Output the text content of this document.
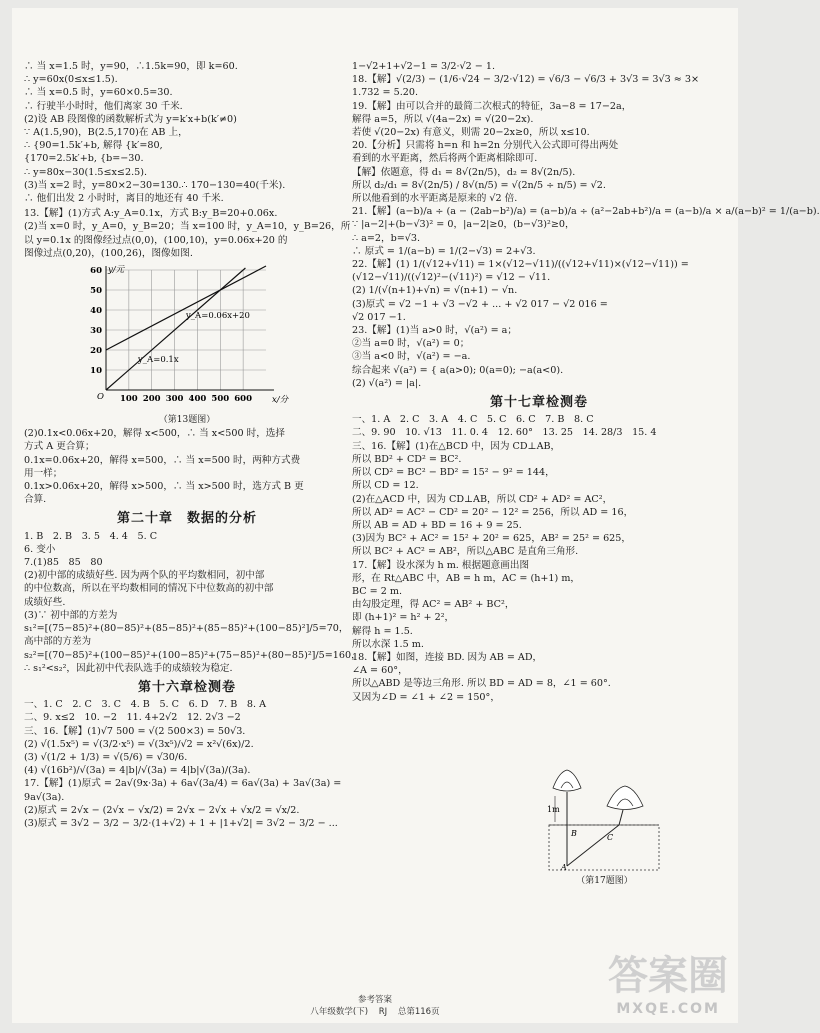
∴ 当 x=1.5 时，y=90，∴1.5k=90，即 k=60.
∴ y=60x(0≤x≤1.5).
∴ 当 x=0.5 时，y=60×0.5=30.
∴ 行驶半小时时，他们离家 30 千米.
(2)设 AB 段图像的函数解析式为 y=k′x+b(k′≠0)
∵ A(1.5,90)，B(2.5,170)在 AB 上，
∴ {90=1.5k′+b, 解得 {k′=80,
{170=2.5k′+b, {b=−30.
∴ y=80x−30(1.5≤x≤2.5).
(3)当 x=2 时，y=80×2−30=130.∴ 170−130=40(千米).
∴ 他们出发 2 小时时，离目的地还有 40 千米.
13.【解】(1)方式 A:y_A=0.1x，方式 B:y_B=20+0.06x.
(2)当 x=0 时，y_A=0，y_B=20；当 x=100 时，y_A=10，y_B=26，所
以 y=0.1x 的图像经过点(0,0)，(100,10)，y=0.06x+20 的
图像过点(0,20)，(100,26)，图像如图.
100 200 300 400 500 600
10
20
30
40
50
60
O
y/元
x/分
y_A=0.06x+20
y_A=0.1x
（第13题图）
(2)0.1x<0.06x+20，解得 x<500，∴ 当 x<500 时，选择
方式 A 更合算；
0.1x=0.06x+20，解得 x=500，∴ 当 x=500 时，两种方式费
用一样；
0.1x>0.06x+20，解得 x>500，∴ 当 x>500 时，选方式 B 更
合算.
第二十章　数据的分析
1. B　2. B　3. 5　4. 4　5. C
6. 变小
7.(1)85　85　80
(2)初中部的成绩好些. 因为两个队的平均数相同，初中部
的中位数高，所以在平均数相同的情况下中位数高的初中部
成绩好些.
(3)∵ 初中部的方差为
s₁²=[(75−85)²+(80−85)²+(85−85)²+(85−85)²+(100−85)²]/5=70，
高中部的方差为
s₂²=[(70−85)²+(100−85)²+(100−85)²+(75−85)²+(80−85)²]/5=160，
∴ s₁²<s₂²，因此初中代表队选手的成绩较为稳定.
第十六章检测卷
一、1. C　2. C　3. C　4. B　5. C　6. D　7. B　8. A
二、9. x≤2　10. −2　11. 4+2√2　12. 2√3 −2
三、16.【解】(1)√7 500 = √(2 500×3) = 50√3.
(2) √(1.5x⁵) = √(3/2·x⁵) = √(3x⁵)/√2 = x²√(6x)/2.
(3) √(1/2 + 1/3) = √(5/6) = √30/6.
(4) √(16b²)/√(3a) = 4|b|/√(3a) = 4|b|√(3a)/(3a).
17.【解】(1)原式 = 2a√(9x·3a) + 6a√(3a/4) = 6a√(3a) + 3a√(3a) =
9a√(3a).
(2)原式 = 2√x − (2√x − √x/2) = 2√x − 2√x + √x/2 = √x/2.
(3)原式 = 3√2 − 3/2 − 3/2·(1+√2) + 1 + |1+√2| = 3√2 − 3/2 − ...
1−√2+1+√2−1 = 3/2·√2 − 1.
18.【解】√(2/3) − (1/6·√24 − 3/2·√12) = √6/3 − √6/3 + 3√3 = 3√3 ≈ 3×
1.732 = 5.20.
19.【解】由可以合并的最简二次根式的特征，3a−8 = 17−2a，
解得 a=5，所以 √(4a−2x) = √(20−2x).
若使 √(20−2x) 有意义，则需 20−2x≥0，所以 x≤10.
20.【分析】只需将 h=n 和 h=2n 分别代入公式即可得出两处
看到的水平距离，然后将两个距离相除即可.
【解】依题意，得 d₁ = 8√(2n/5)，d₂ = 8√(2n/5).
所以 d₂/d₁ = 8√(2n/5) / 8√(n/5) = √(2n/5 ÷ n/5) = √2.
所以他看到的水平距离是原来的 √2 倍.
21.【解】(a−b)/a ÷ (a − (2ab−b²)/a) = (a−b)/a ÷ (a²−2ab+b²)/a = (a−b)/a × a/(a−b)² = 1/(a−b).
∵ |a−2|+(b−√3)² = 0，|a−2|≥0，(b−√3)²≥0，
∴ a=2，b=√3.
∴ 原式 = 1/(a−b) = 1/(2−√3) = 2+√3.
22.【解】(1) 1/(√12+√11) = 1×(√12−√11)/((√12+√11)×(√12−√11)) =
(√12−√11)/((√12)²−(√11)²) = √12 − √11.
(2) 1/(√(n+1)+√n) = √(n+1) − √n.
(3)原式 = √2 −1 + √3 −√2 + ... + √2 017 − √2 016 =
√2 017 −1.
23.【解】(1)当 a>0 时，√(a²) = a；
②当 a=0 时，√(a²) = 0；
③当 a<0 时，√(a²) = −a.
综合起来 √(a²) = { a(a>0); 0(a=0); −a(a<0).
(2) √(a²) = |a|.
第十七章检测卷
一、1. A　2. C　3. A　4. C　5. C　6. C　7. B　8. C
二、9. 90　10. √13　11. 0. 4　12. 60°　13. 25　14. 28/3　15. 4
三、16.【解】(1)在△BCD 中，因为 CD⊥AB，
所以 BD² + CD² = BC².
所以 CD² = BC² − BD² = 15² − 9² = 144，
所以 CD = 12.
(2)在△ACD 中，因为 CD⊥AB，所以 CD² + AD² = AC²，
所以 AD² = AC² − CD² = 20² − 12² = 256，所以 AD = 16，
所以 AB = AD + BD = 16 + 9 = 25.
(3)因为 BC² + AC² = 15² + 20² = 625，AB² = 25² = 625，
所以 BC² + AC² = AB²，所以△ABC 是直角三角形.
17.【解】设水深为 h m. 根据题意画出图
形，在 Rt△ABC 中，AB = h m，AC = (h+1) m，
BC = 2 m.
由勾股定理，得 AC² = AB² + BC²，
即 (h+1)² = h² + 2²，
解得 h = 1.5.
所以水深 1.5 m.
18.【解】如图，连接 BD. 因为 AB = AD，
∠A = 60°，
所以△ABD 是等边三角形. 所以 BD = AD = 8，∠1 = 60°.
又因为∠D = ∠1 + ∠2 = 150°，
1m
B	C
A
（第17题图）
参考答案
八年级数学(下) RJ 总第116页
答案圈
MXQE.COM
